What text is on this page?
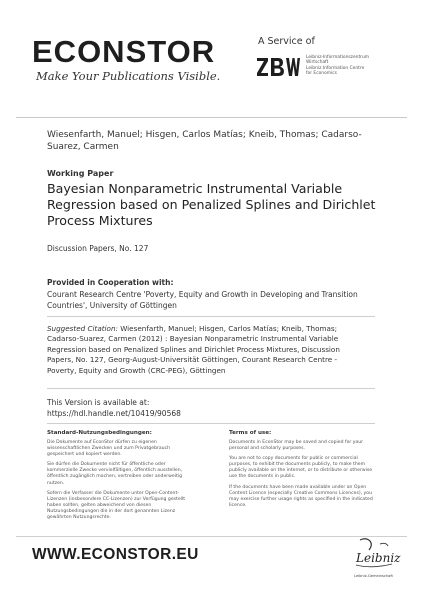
ECONSTOR
Make Your Publications Visible.
A Service of
Leibniz-Informationszentrum
Wirtschaft
Leibniz Information Centre
for Economics
Wiesenfarth, Manuel; Hisgen, Carlos Matías; Kneib, Thomas; Cadarso-Suarez, Carmen
Working Paper
Bayesian Nonparametric Instrumental Variable Regression based on Penalized Splines and Dirichlet Process Mixtures
Discussion Papers, No. 127
Provided in Cooperation with:
Courant Research Centre 'Poverty, Equity and Growth in Developing and Transition Countries', University of Göttingen
Suggested Citation: Wiesenfarth, Manuel; Hisgen, Carlos Matías; Kneib, Thomas; Cadarso-Suarez, Carmen (2012) : Bayesian Nonparametric Instrumental Variable Regression based on Penalized Splines and Dirichlet Process Mixtures, Discussion Papers, No. 127, Georg-August-Universität Göttingen, Courant Research Centre - Poverty, Equity and Growth (CRC-PEG), Göttingen
This Version is available at:
https://hdl.handle.net/10419/90568
Standard-Nutzungsbedingungen:

Die Dokumente auf EconStor dürfen zu eigenen wissenschaftlichen Zwecken und zum Privatgebrauch gespeichert und kopiert werden.

Sie dürfen die Dokumente nicht für öffentliche oder kommerzielle Zwecke vervielfältigen, öffentlich ausstellen, öffentlich zugänglich machen, vertreiben oder anderweitig nutzen.

Sofern die Verfasser die Dokumente unter Open-Content-Lizenzen (insbesondere CC-Lizenzen) zur Verfügung gestellt haben sollten, gelten abweichend von diesen Nutzungsbedingungen die in der dort genannten Lizenz gewährten Nutzungsrechte.

Terms of use:

Documents in EconStor may be saved and copied for your personal and scholarly purposes.

You are not to copy documents for public or commercial purposes, to exhibit the documents publicly, to make them publicly available on the internet, or to distribute or otherwise use the documents in public.

If the documents have been made available under an Open Content Licence (especially Creative Commons Licences), you may exercise further usage rights as specified in the indicated licence.

WWW.ECONSTOR.EU	Leibniz
Leibniz-Gemeinschaft
